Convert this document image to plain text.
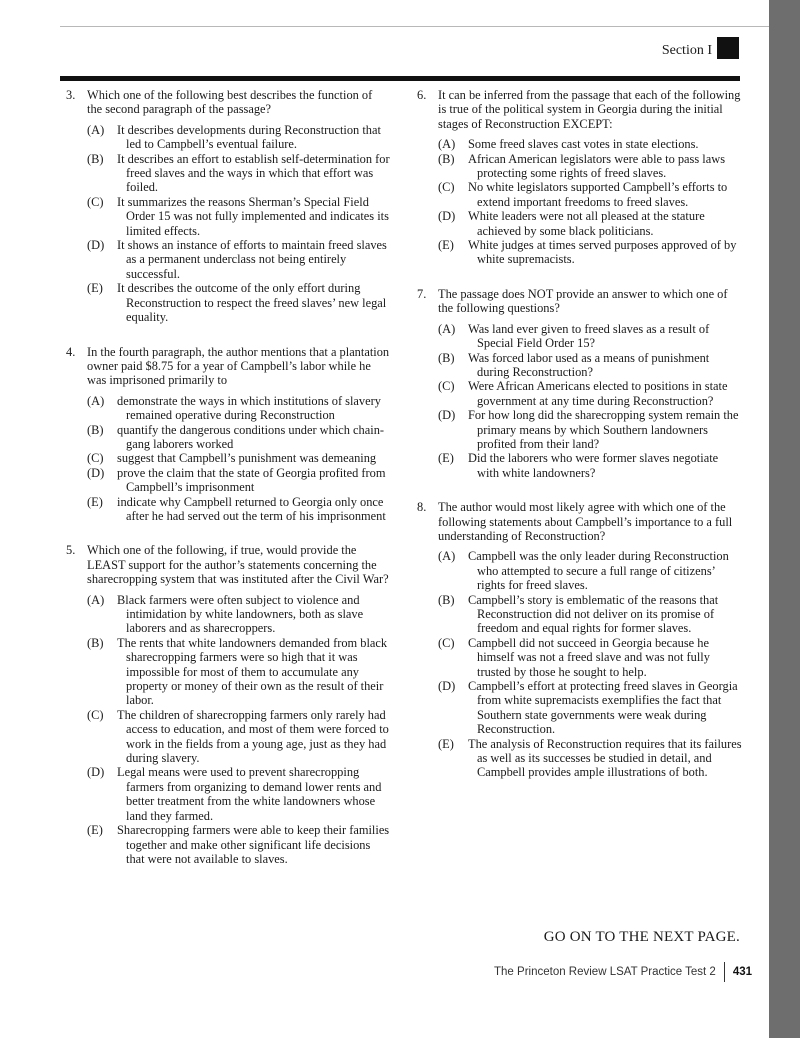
Section I
3. Which one of the following best describes the function of the second paragraph of the passage?
(A)	It describes developments during Reconstruction that led to Campbell’s eventual failure.
(B)	It describes an effort to establish self-determination for freed slaves and the ways in which that effort was foiled.
(C)	It summarizes the reasons Sherman’s Special Field Order 15 was not fully implemented and indicates its limited effects.
(D)	It shows an instance of efforts to maintain freed slaves as a permanent underclass not being entirely successful.
(E)	It describes the outcome of the only effort during Reconstruction to respect the freed slaves’ new legal equality.
4. In the fourth paragraph, the author mentions that a plantation owner paid $8.75 for a year of Campbell’s labor while he was imprisoned primarily to
(A)	demonstrate the ways in which institutions of slavery remained operative during Reconstruction
(B)	quantify the dangerous conditions under which chain-gang laborers worked
(C)	suggest that Campbell’s punishment was demeaning
(D)	prove the claim that the state of Georgia profited from Campbell’s imprisonment
(E)	indicate why Campbell returned to Georgia only once after he had served out the term of his imprisonment
5. Which one of the following, if true, would provide the LEAST support for the author’s statements concerning the sharecropping system that was instituted after the Civil War?
(A)	Black farmers were often subject to violence and intimidation by white landowners, both as slave laborers and as sharecroppers.
(B)	The rents that white landowners demanded from black sharecropping farmers were so high that it was impossible for most of them to accumulate any property or money of their own as the result of their labor.
(C)	The children of sharecropping farmers only rarely had access to education, and most of them were forced to work in the fields from a young age, just as they had during slavery.
(D)	Legal means were used to prevent sharecropping farmers from organizing to demand lower rents and better treatment from the white landowners whose land they farmed.
(E)	Sharecropping farmers were able to keep their families together and make other significant life decisions that were not available to slaves.
6. It can be inferred from the passage that each of the following is true of the political system in Georgia during the initial stages of Reconstruction EXCEPT:
(A)	Some freed slaves cast votes in state elections.
(B)	African American legislators were able to pass laws protecting some rights of freed slaves.
(C)	No white legislators supported Campbell’s efforts to extend important freedoms to freed slaves.
(D)	White leaders were not all pleased at the stature achieved by some black politicians.
(E)	White judges at times served purposes approved of by white supremacists.
7. The passage does NOT provide an answer to which one of the following questions?
(A)	Was land ever given to freed slaves as a result of Special Field Order 15?
(B)	Was forced labor used as a means of punishment during Reconstruction?
(C)	Were African Americans elected to positions in state government at any time during Reconstruction?
(D)	For how long did the sharecropping system remain the primary means by which Southern landowners profited from their land?
(E)	Did the laborers who were former slaves negotiate with white landowners?
8. The author would most likely agree with which one of the following statements about Campbell’s importance to a full understanding of Reconstruction?
(A)	Campbell was the only leader during Reconstruction who attempted to secure a full range of citizens’ rights for freed slaves.
(B)	Campbell’s story is emblematic of the reasons that Reconstruction did not deliver on its promise of freedom and equal rights for former slaves.
(C)	Campbell did not succeed in Georgia because he himself was not a freed slave and was not fully trusted by those he sought to help.
(D)	Campbell’s effort at protecting freed slaves in Georgia from white supremacists exemplifies the fact that Southern state governments were weak during Reconstruction.
(E)	The analysis of Reconstruction requires that its failures as well as its successes be studied in detail, and Campbell provides ample illustrations of both.
GO ON TO THE NEXT PAGE.
The Princeton Review LSAT Practice Test 2 431
